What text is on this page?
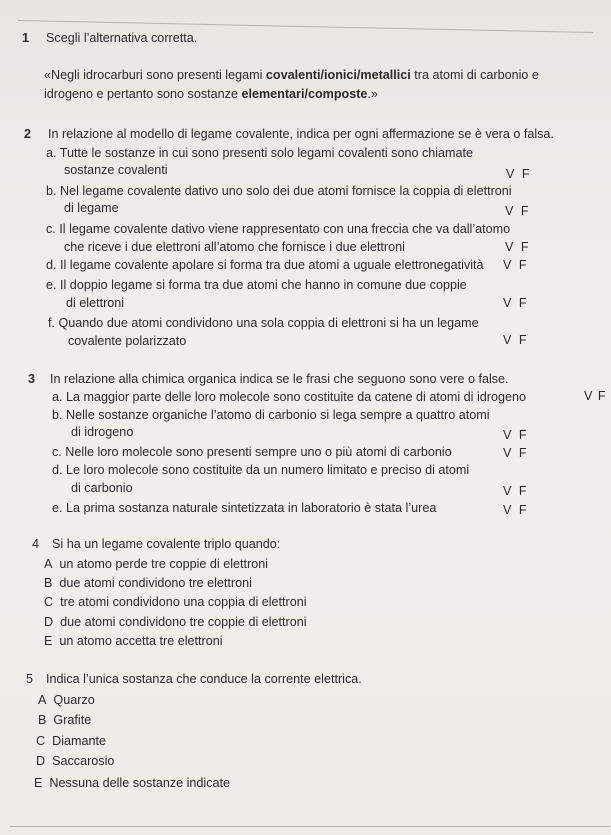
1 Scegli l’alternativa corretta.
«Negli idrocarburi sono presenti legami covalenti/ionici/metallici tra atomi di carbonio e
idrogeno e pertanto sono sostanze elementari/composte.»
2 In relazione al modello di legame covalente, indica per ogni affermazione se è vera o falsa.
a. Tutte le sostanze in cui sono presenti solo legami covalenti sono chiamate
sostanze covalenti	V F
b. Nel legame covalente dativo uno solo dei due atomi fornisce la coppia di elettroni
di legame	V F
c. Il legame covalente dativo viene rappresentato con una freccia che va dall’atomo
che riceve i due elettroni all’atomo che fornisce i due elettroni	V F
d. Il legame covalente apolare si forma tra due atomi a uguale elettronegatività V F
e. Il doppio legame si forma tra due atomi che hanno in comune due coppie
di elettroni	V F
f. Quando due atomi condividono una sola coppia di elettroni si ha un legame
covalente polarizzato	V F
3 In relazione alla chimica organica indica se le frasi che seguono sono vere o false.
a. La maggior parte delle loro molecole sono costituite da catene di atomi di idrogeno	V F
b. Nelle sostanze organiche l’atomo di carbonio si lega sempre a quattro atomi
di idrogeno	V F
c. Nelle loro molecole sono presenti sempre uno o più atomi di carbonio	V F
d. Le loro molecole sono costituite da un numero limitato e preciso di atomi
di carbonio	V F
e. La prima sostanza naturale sintetizzata in laboratorio è stata l’urea	V F
4 Si ha un legame covalente triplo quando:
A un atomo perde tre coppie di elettroni
B due atomi condividono tre elettroni
C tre atomi condividono una coppia di elettroni
D due atomi condividono tre coppie di elettroni
E un atomo accetta tre elettroni
5 Indica l’unica sostanza che conduce la corrente elettrica.
A Quarzo
B Grafite
C Diamante
D Saccarosio
E Nessuna delle sostanze indicate
